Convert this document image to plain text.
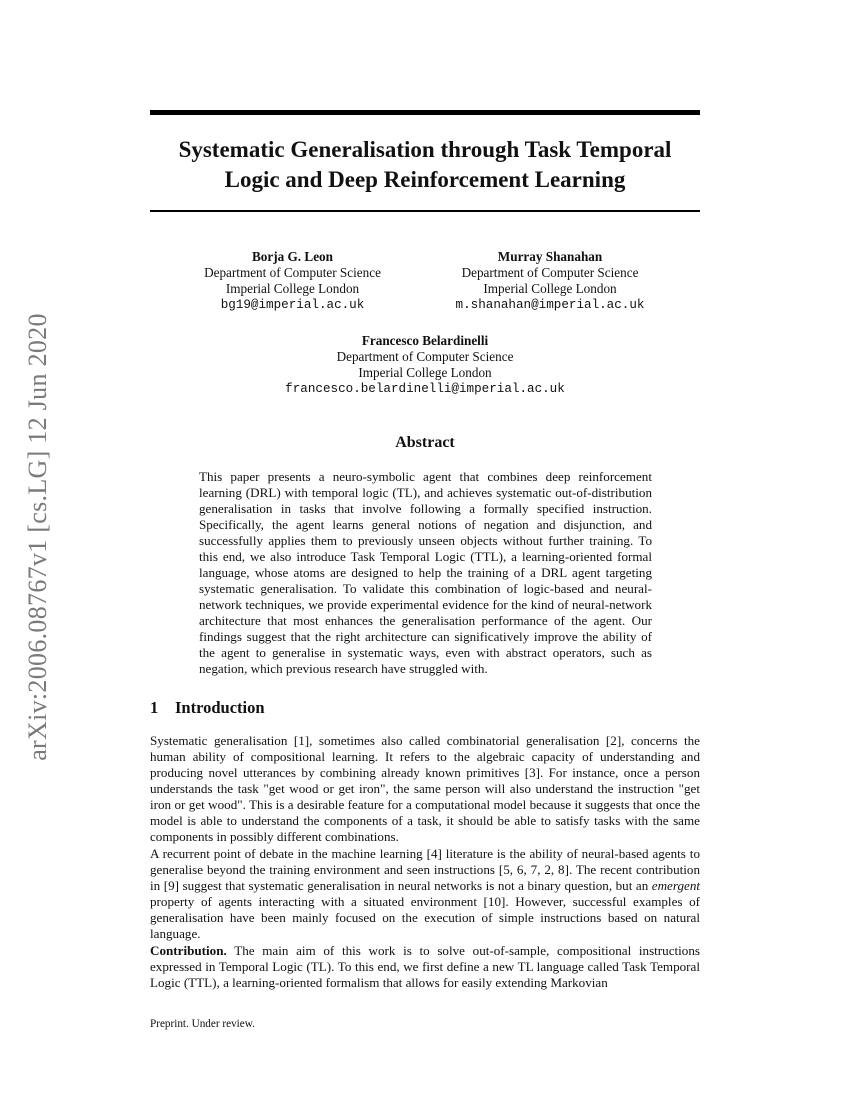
arXiv:2006.08767v1 [cs.LG] 12 Jun 2020
Systematic Generalisation through Task Temporal Logic and Deep Reinforcement Learning
Borja G. Leon
Department of Computer Science
Imperial College London
bg19@imperial.ac.uk
Murray Shanahan
Department of Computer Science
Imperial College London
m.shanahan@imperial.ac.uk
Francesco Belardinelli
Department of Computer Science
Imperial College London
francesco.belardinelli@imperial.ac.uk
Abstract

This paper presents a neuro-symbolic agent that combines deep reinforcement learning (DRL) with temporal logic (TL), and achieves systematic out-of-distribution generalisation in tasks that involve following a formally specified instruction. Specifically, the agent learns general notions of negation and disjunction, and successfully applies them to previously unseen objects without further training. To this end, we also introduce Task Temporal Logic (TTL), a learning-oriented formal language, whose atoms are designed to help the training of a DRL agent targeting systematic generalisation. To validate this combination of logic-based and neural-network techniques, we provide experimental evidence for the kind of neural-network architecture that most enhances the generalisation performance of the agent. Our findings suggest that the right architecture can significatively improve the ability of the agent to generalise in systematic ways, even with abstract operators, such as negation, which previous research have struggled with.

1 Introduction

Systematic generalisation [1], sometimes also called combinatorial generalisation [2], concerns the human ability of compositional learning. It refers to the algebraic capacity of understanding and producing novel utterances by combining already known primitives [3]. For instance, once a person understands the task "get wood or get iron", the same person will also understand the instruction "get iron or get wood". This is a desirable feature for a computational model because it suggests that once the model is able to understand the components of a task, it should be able to satisfy tasks with the same components in possibly different combinations.

A recurrent point of debate in the machine learning [4] literature is the ability of neural-based agents to generalise beyond the training environment and seen instructions [5, 6, 7, 2, 8]. The recent contribution in [9] suggest that systematic generalisation in neural networks is not a binary question, but an emergent property of agents interacting with a situated environment [10]. However, successful examples of generalisation have been mainly focused on the execution of simple instructions based on natural language.

Contribution. The main aim of this work is to solve out-of-sample, compositional instructions expressed in Temporal Logic (TL). To this end, we first define a new TL language called Task Temporal Logic (TTL), a learning-oriented formalism that allows for easily extending Markovian

Preprint. Under review.
